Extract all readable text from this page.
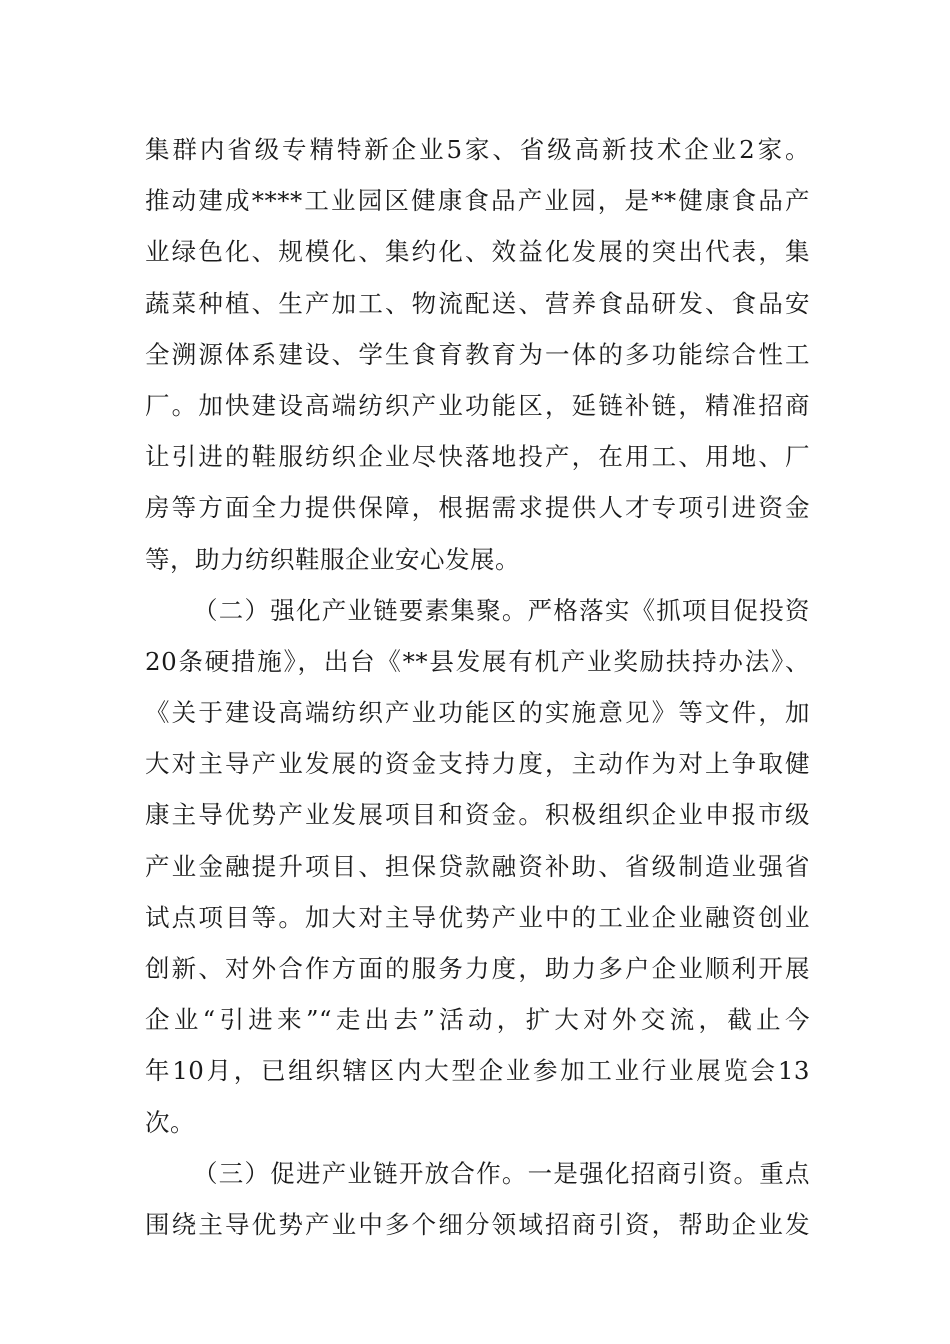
集群内省级专精特新企业5家、省级高新技术企业2家。
推动建成****工业园区健康食品产业园，是**健康食品产
业绿色化、规模化、集约化、效益化发展的突出代表，集
蔬菜种植、生产加工、物流配送、营养食品研发、食品安
全溯源体系建设、学生食育教育为一体的多功能综合性工
厂。加快建设高端纺织产业功能区，延链补链，精准招商
让引进的鞋服纺织企业尽快落地投产，在用工、用地、厂
房等方面全力提供保障，根据需求提供人才专项引进资金
等，助力纺织鞋服企业安心发展。
（二）强化产业链要素集聚。严格落实《抓项目促投资
20条硬措施》，出台《**县发展有机产业奖励扶持办法》、
《关于建设高端纺织产业功能区的实施意见》等文件，加
大对主导产业发展的资金支持力度，主动作为对上争取健
康主导优势产业发展项目和资金。积极组织企业申报市级
产业金融提升项目、担保贷款融资补助、省级制造业强省
试点项目等。加大对主导优势产业中的工业企业融资创业
创新、对外合作方面的服务力度，助力多户企业顺利开展
企业“引进来”“走出去”活动，扩大对外交流，截止今
年10月，已组织辖区内大型企业参加工业行业展览会13
次。
（三）促进产业链开放合作。一是强化招商引资。重点
围绕主导优势产业中多个细分领域招商引资，帮助企业发
